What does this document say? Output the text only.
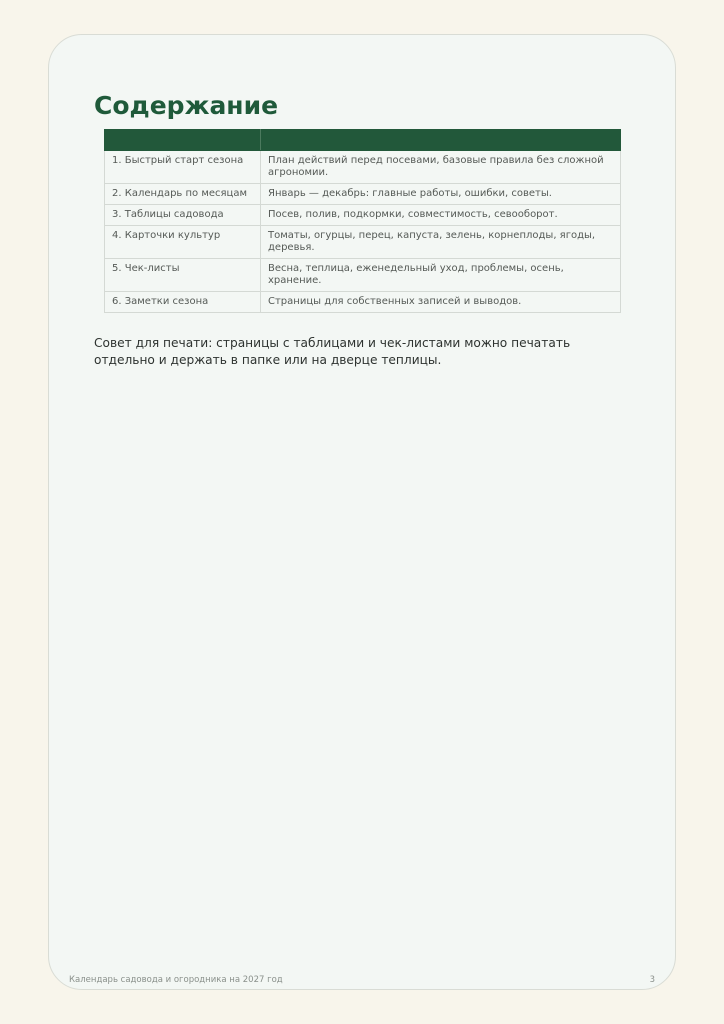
Содержание

1. Быстрый старт сезона	План действий перед посевами, базовые правила без сложной агрономии.
2. Календарь по месяцам	Январь — декабрь: главные работы, ошибки, советы.
3. Таблицы садовода	Посев, полив, подкормки, совместимость, севооборот.
4. Карточки культур	Томаты, огурцы, перец, капуста, зелень, корнеплоды, ягоды, деревья.
5. Чек-листы	Весна, теплица, еженедельный уход, проблемы, осень, хранение.
6. Заметки сезона	Страницы для собственных записей и выводов.

Совет для печати: страницы с таблицами и чек-листами можно печатать отдельно и держать в папке или на дверце теплицы.

Календарь садовода и огородника на 2027 год	3
